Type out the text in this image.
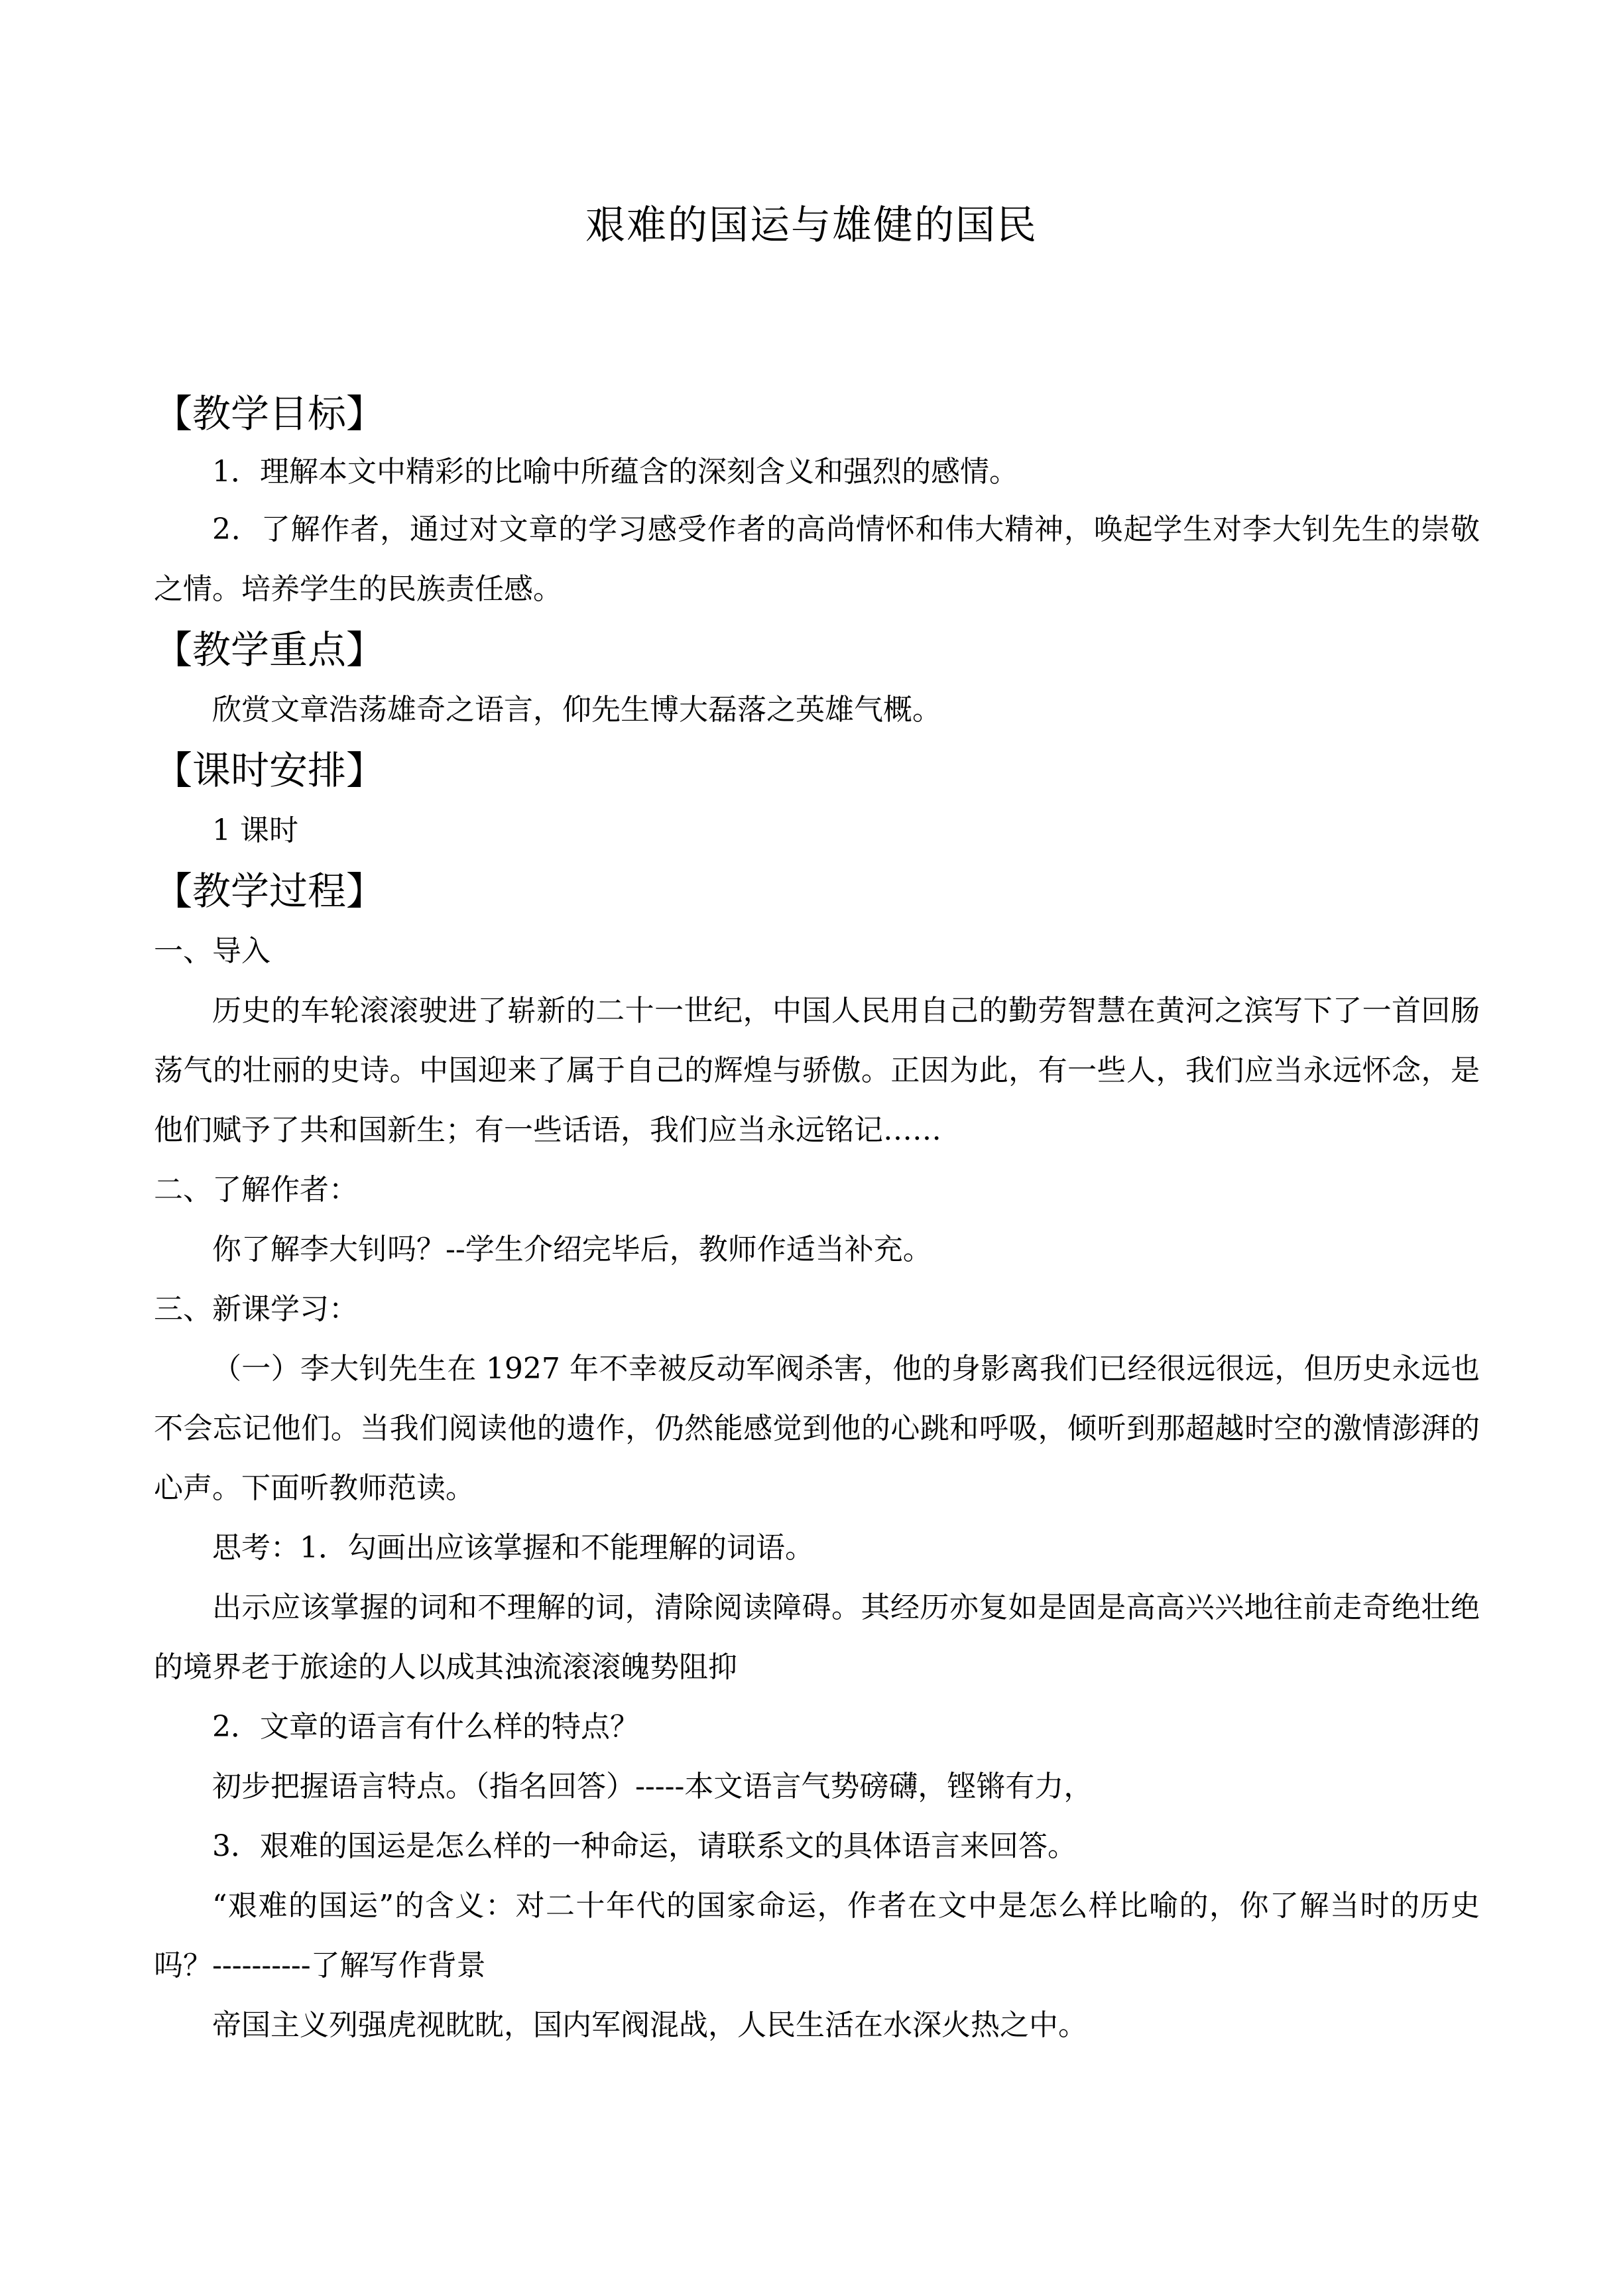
艰难的国运与雄健的国民
【教学目标】

1．理解本文中精彩的比喻中所蕴含的深刻含义和强烈的感情。

2．了解作者，通过对文章的学习感受作者的高尚情怀和伟大精神，唤起学生对李大钊先生的崇敬之情。培养学生的民族责任感。

【教学重点】

欣赏文章浩荡雄奇之语言，仰先生博大磊落之英雄气概。

【课时安排】

1 课时

【教学过程】

一、导入

历史的车轮滚滚驶进了崭新的二十一世纪，中国人民用自己的勤劳智慧在黄河之滨写下了一首回肠荡气的壮丽的史诗。中国迎来了属于自己的辉煌与骄傲。正因为此，有一些人，我们应当永远怀念，是他们赋予了共和国新生；有一些话语，我们应当永远铭记……

二、了解作者：

你了解李大钊吗？--学生介绍完毕后，教师作适当补充。

三、新课学习：

（一）李大钊先生在 1927 年不幸被反动军阀杀害，他的身影离我们已经很远很远，但历史永远也不会忘记他们。当我们阅读他的遗作，仍然能感觉到他的心跳和呼吸，倾听到那超越时空的激情澎湃的心声。下面听教师范读。

思考：1．勾画出应该掌握和不能理解的词语。

出示应该掌握的词和不理解的词，清除阅读障碍。其经历亦复如是固是高高兴兴地往前走奇绝壮绝的境界老于旅途的人以成其浊流滚滚魄势阻抑

2．文章的语言有什么样的特点？

初步把握语言特点。（指名回答）-----本文语言气势磅礴，铿锵有力，

3．艰难的国运是怎么样的一种命运，请联系文的具体语言来回答。

“艰难的国运”的含义：对二十年代的国家命运，作者在文中是怎么样比喻的，你了解当时的历史吗？----------了解写作背景

帝国主义列强虎视眈眈，国内军阀混战，人民生活在水深火热之中。
